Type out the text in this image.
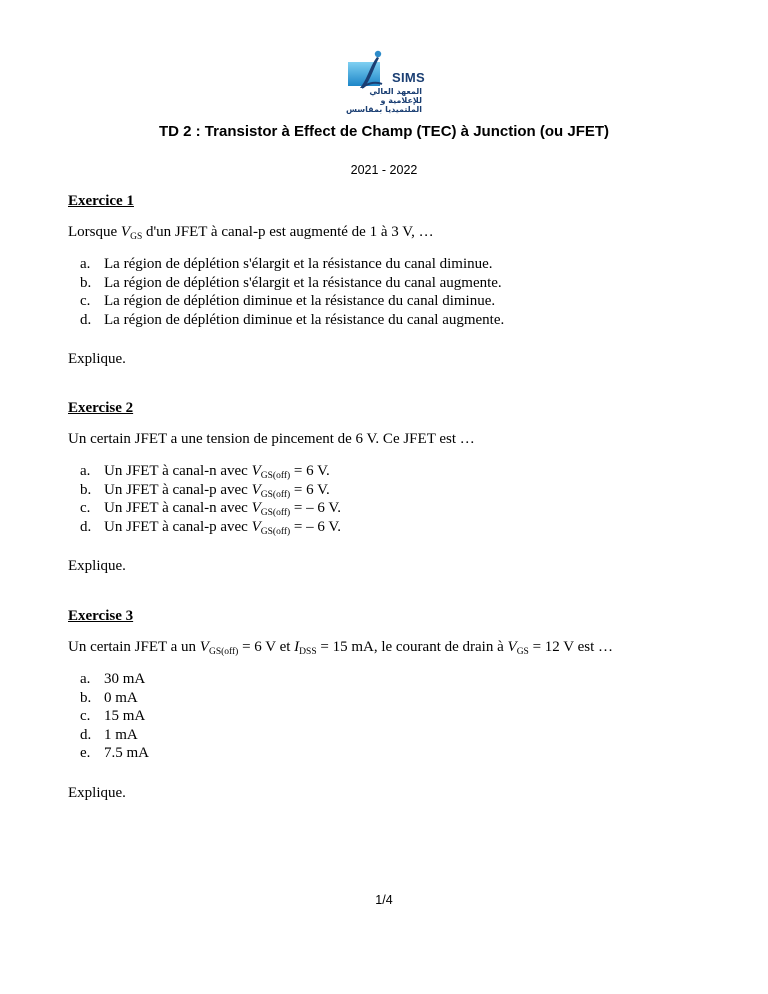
SIMS
المعهد العالي للإعلامية و الملتميديا بمقاسس
TD 2 : Transistor à Effect de Champ (TEC) à Junction (ou JFET)
2021 - 2022
Exercice 1
Lorsque $V_{GS}$ d'un JFET à canal-p est augmenté de 1 à 3 V, …
a. La région de déplétion s'élargit et la résistance du canal diminue.
b. La région de déplétion s'élargit et la résistance du canal augmente.
c. La région de déplétion diminue et la résistance du canal diminue.
d. La région de déplétion diminue et la résistance du canal augmente.
Explique.
Exercise 2
Un certain JFET a une tension de pincement de 6 V. Ce JFET est …
a. Un JFET à canal-n avec $V_{GS(off)} = 6$ V.
b. Un JFET à canal-p avec $V_{GS(off)} = 6$ V.
c. Un JFET à canal-n avec $V_{GS(off)}$ = – 6 V.
d. Un JFET à canal-p avec $V_{GS(off)}$ = – 6 V.
Explique.
Exercise 3
Un certain JFET a un $V_{GS(off)} = 6$ V et $I_{DSS} = 15$ mA, le courant de drain à $V_{GS} = 12$ V est …
a. 30 mA
b. 0 mA
c. 15 mA
d. 1 mA
e. 7.5 mA
Explique.
1/4
